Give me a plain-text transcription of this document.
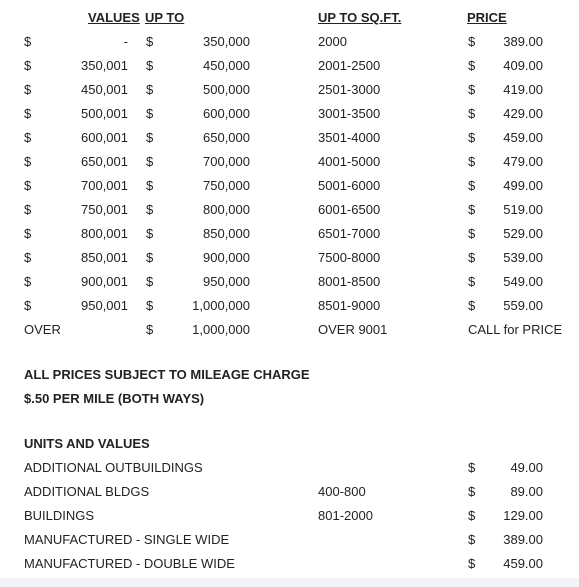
VALUES UP TO	UP TO SQ.FT.	PRICE
$	- $	350,000	2000	$	389.00
$	350,001 $	450,000	2001-2500	$	409.00
$	450,001 $	500,000	2501-3000	$	419.00
$	500,001 $	600,000	3001-3500	$	429.00
$	600,001 $	650,000	3501-4000	$	459.00
$	650,001 $	700,000	4001-5000	$	479.00
$	700,001 $	750,000	5001-6000	$	499.00
$	750,001 $	800,000	6001-6500	$	519.00
$	800,001 $	850,000	6501-7000	$	529.00
$	850,001 $	900,000	7500-8000	$	539.00
$	900,001 $	950,000	8001-8500	$	549.00
$	950,001 $	1,000,000	8501-9000	$	559.00
OVER	$	1,000,000	OVER 9001	CALL for PRICE
ALL PRICES SUBJECT TO MILEAGE CHARGE
$.50 PER MILE (BOTH WAYS)
UNITS AND VALUES
ADDITIONAL OUTBUILDINGS	$	49.00
ADDITIONAL BLDGS	400-800	$	89.00
BUILDINGS	801-2000	$	129.00
MANUFACTURED - SINGLE WIDE	$	389.00
MANUFACTURED - DOUBLE WIDE	$	459.00
